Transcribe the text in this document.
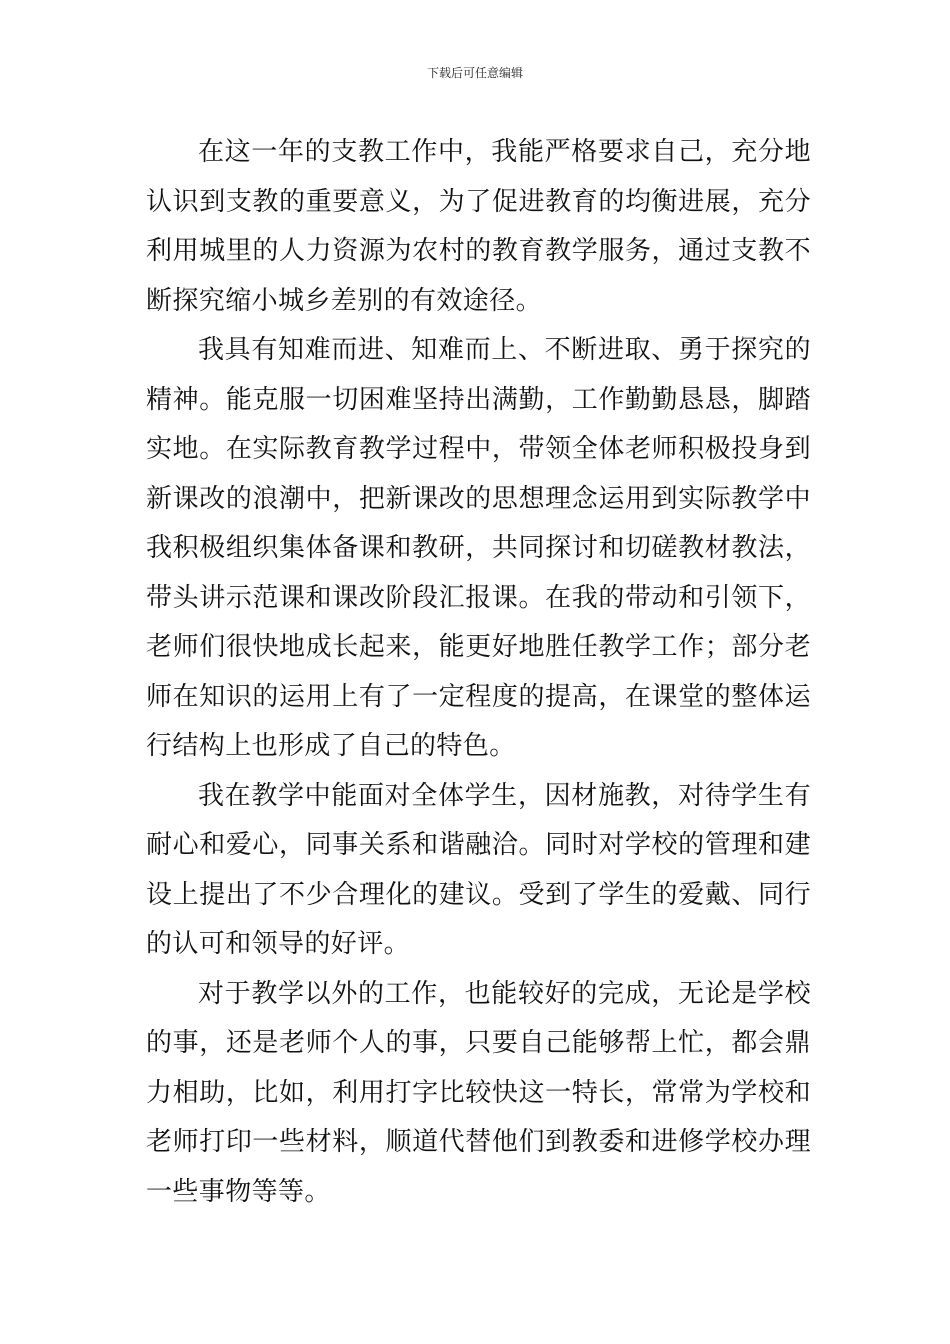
下载后可任意编辑

在这一年的支教工作中，我能严格要求自己，充分地认识到支教的重要意义，为了促进教育的均衡进展，充分利用城里的人力资源为农村的教育教学服务，通过支教不断探究缩小城乡差别的有效途径。

我具有知难而进、知难而上、不断进取、勇于探究的精神。能克服一切困难坚持出满勤，工作勤勤恳恳，脚踏实地。在实际教育教学过程中，带领全体老师积极投身到新课改的浪潮中，把新课改的思想理念运用到实际教学中我积极组织集体备课和教研，共同探讨和切磋教材教法，带头讲示范课和课改阶段汇报课。在我的带动和引领下，老师们很快地成长起来，能更好地胜任教学工作；部分老师在知识的运用上有了一定程度的提高，在课堂的整体运行结构上也形成了自己的特色。

我在教学中能面对全体学生，因材施教，对待学生有耐心和爱心，同事关系和谐融洽。同时对学校的管理和建设上提出了不少合理化的建议。受到了学生的爱戴、同行的认可和领导的好评。

对于教学以外的工作，也能较好的完成，无论是学校的事，还是老师个人的事，只要自己能够帮上忙，都会鼎力相助，比如，利用打字比较快这一特长，常常为学校和老师打印一些材料，顺道代替他们到教委和进修学校办理一些事物等等。
